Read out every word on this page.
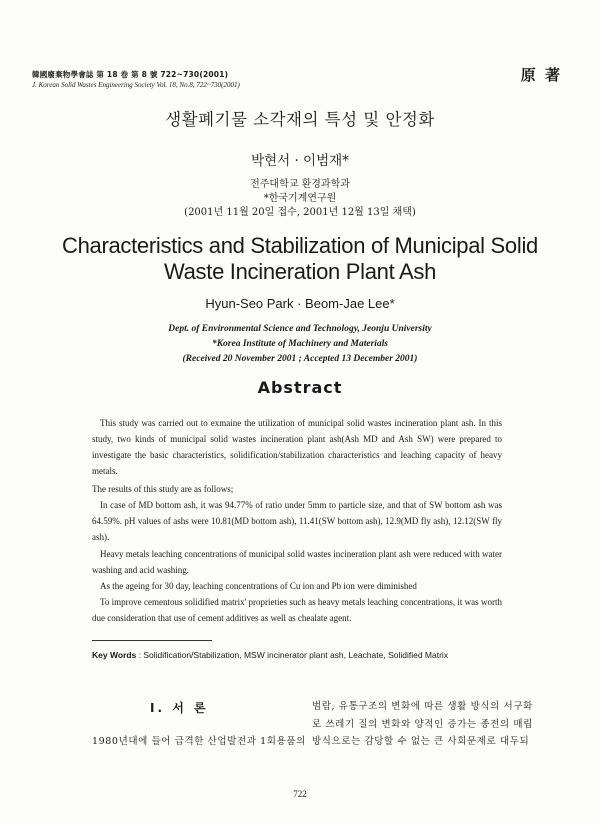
韓國廢棄物學會誌 第 18 卷 第 8 號 722~730(2001)
J. Korean Solid Wastes Engineering Society Vol. 18, No.8, 722~730(2001)
原 著
생활폐기물 소각재의 특성 및 안정화
박현서 · 이범재*
전주대학교 환경과학과
*한국기계연구원
(2001년 11월 20일 접수, 2001년 12월 13일 채택)
Characteristics and Stabilization of Municipal Solid
Waste Incineration Plant Ash
Hyun-Seo Park · Beom-Jae Lee*
Dept. of Environmental Science and Technology, Jeonju University
*Korea Institute of Machinery and Materials
(Received 20 November 2001 ; Accepted 13 December 2001)
Abstract
This study was carried out to exmaine the utilization of municipal solid wastes incineration plant ash. In this study, two kinds of municipal solid wastes incineration plant ash(Ash MD and Ash SW) were prepared to investigate the basic characteristics, solidification/stabilization characteristics and leaching capacity of heavy metals.
The results of this study are as follows;
In case of MD bottom ash, it was 94.77% of ratio under 5mm to particle size, and that of SW bottom ash was 64.59%. pH values of ashs were 10.81(MD bottom ash), 11.41(SW bottom ash), 12.9(MD fly ash), 12.12(SW fly ash).
Heavy metals leaching concentrations of municipal solid wastes incineration plant ash were reduced with water washing and acid washing.
As the ageing for 30 day, leaching concentrations of Cu ion and Pb ion were diminished
To improve cementous solidified matrix' proprieties such as heavy metals leaching concentrations, it was worth due consideration that use of cement additives as well as chealate agent.
Key Words : Solidification/Stabilization, MSW incinerator plant ash, Leachate, Solidified Matrix
Ⅰ. 서 론
1980년대에 들어 급격한 산업발전과 1회용품의
범람, 유통구조의 변화에 따른 생활 방식의 서구화
로 쓰레기 질의 변화와 양적인 증가는 종전의 매립
방식으로는 감당할 수 없는 큰 사회문제로 대두되
722
